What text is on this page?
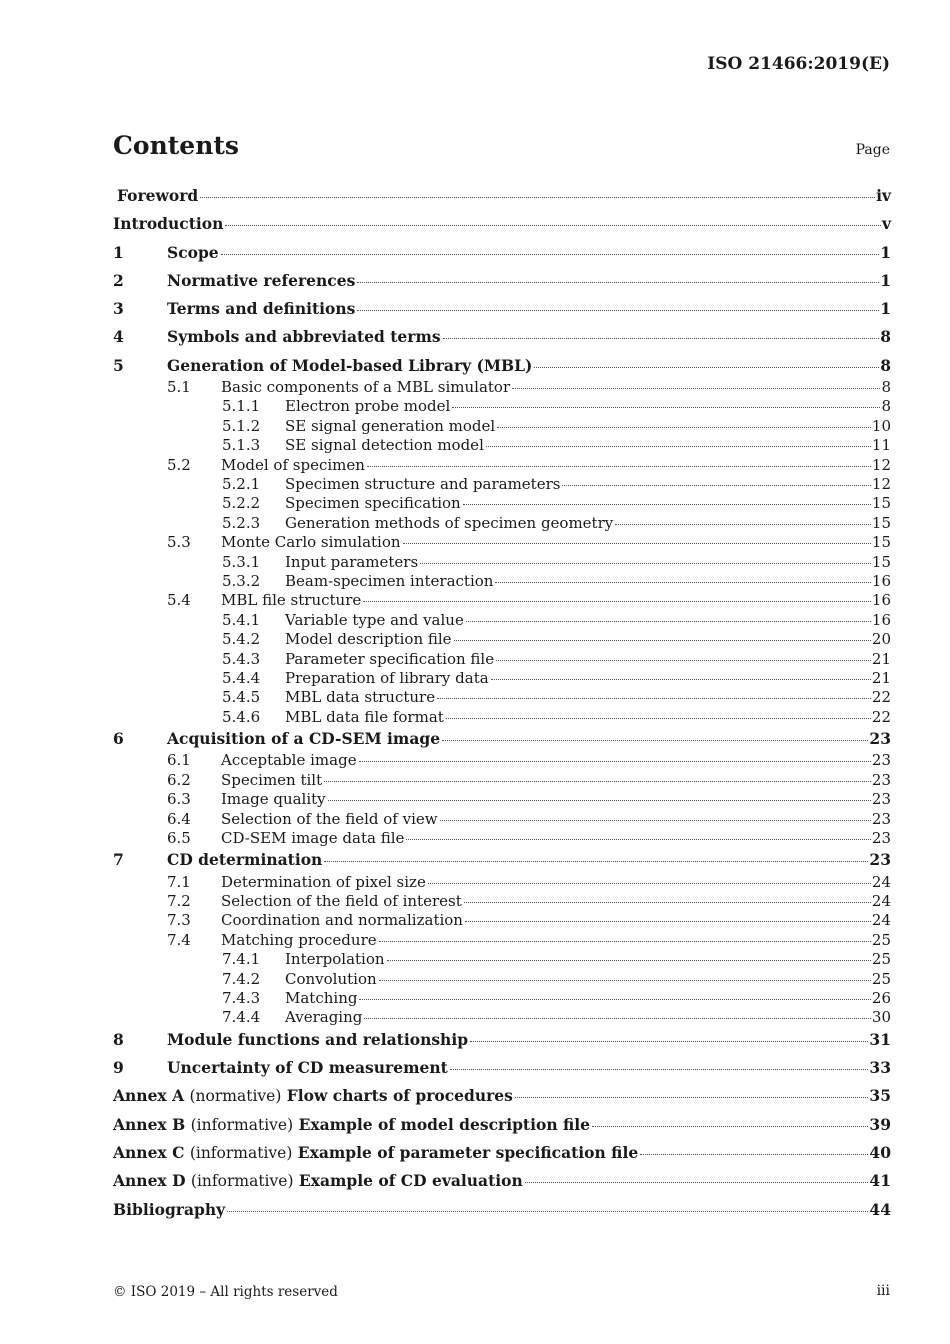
ISO 21466:2019(E)
Contents	Page
Foreword	iv
Introduction	v
1	Scope	1
2	Normative references	1
3	Terms and definitions	1
4	Symbols and abbreviated terms	8
5	Generation of Model-based Library (MBL)	8
5.1	Basic components of a MBL simulator	8
5.1.1	Electron probe model	8
5.1.2	SE signal generation model	10
5.1.3	SE signal detection model	11
5.2	Model of specimen	12
5.2.1	Specimen structure and parameters	12
5.2.2	Specimen specification	15
5.2.3	Generation methods of specimen geometry	15
5.3	Monte Carlo simulation	15
5.3.1	Input parameters	15
5.3.2	Beam-specimen interaction	16
5.4	MBL file structure	16
5.4.1	Variable type and value	16
5.4.2	Model description file	20
5.4.3	Parameter specification file	21
5.4.4	Preparation of library data	21
5.4.5	MBL data structure	22
5.4.6	MBL data file format	22
6	Acquisition of a CD-SEM image	23
6.1	Acceptable image	23
6.2	Specimen tilt	23
6.3	Image quality	23
6.4	Selection of the field of view	23
6.5	CD-SEM image data file	23
7	CD determination	23
7.1	Determination of pixel size	24
7.2	Selection of the field of interest	24
7.3	Coordination and normalization	24
7.4	Matching procedure	25
7.4.1	Interpolation	25
7.4.2	Convolution	25
7.4.3	Matching	26
7.4.4	Averaging	30
8	Module functions and relationship	31
9	Uncertainty of CD measurement	33
Annex A (normative) Flow charts of procedures	35
Annex B (informative) Example of model description file	39
Annex C (informative) Example of parameter specification file	40
Annex D (informative) Example of CD evaluation	41
Bibliography	44
© ISO 2019 – All rights reserved	iii
